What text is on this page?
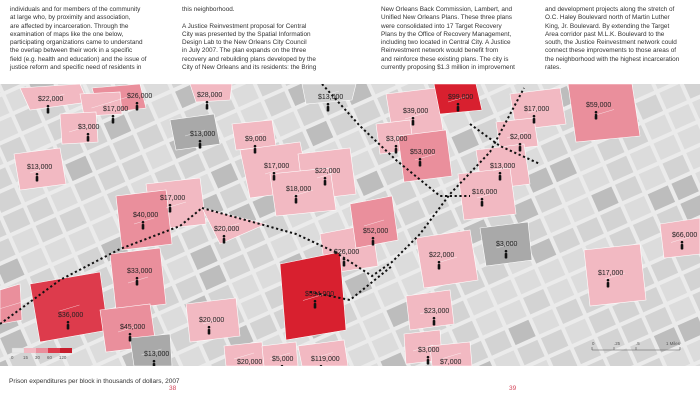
individuals and for members of the community
at large who, by proximity and association,
are affected by incarceration. Through the
examination of maps like the one below,
participating organizations came to understand
the overlap between their work in a specific
field (e.g. health and education) and the issue of
justice reform and specific need of residents in
this neighborhood.

A Justice Reinvestment proposal for Central
City was presented by the Spatial Information
Design Lab to the New Orleans City Council
in July 2007. The plan expands on the three
recovery and rebuilding plans developed by the
City of New Orleans and its residents: the Bring
New Orleans Back Commission, Lambert, and
Unified New Orleans Plans. These three plans
were consolidated into 17 Target Recovery
Plans by the Office of Recovery Management,
including two located in Central City. A Justice
Reinvestment network would benefit from
and reinforce these existing plans. The city is
currently proposing $1.3 million in improvement
and development projects along the stretch of
O.C. Haley Boulevard north of Martin Luther
King, Jr. Boulevard. By extending the Target
Area corridor past M.L.K. Boulevard to the
south, the Justice Reinvestment network could
connect these improvements to those areas of
the neighborhood with the highest incarceration
rates.
$22,000
$17,000
$26,000	$28,000
$3,000
$13,000
$9,000
$13,000
$13,000	$17,000
$22,000
$18,000
$17,000
$40,000
$20,000
$33,000
$36,000
$45,000
$20,000
$13,000
$20,000 $5,000	$119,000
$26,000
$52,000
$594,000
$39,000
$99,000
$3,000
$53,000
$22,000
$23,000
$3,000
$7,000
$17,000
$59,000
$2,000
$13,000
$16,000
$3,000
$17,000
$66,000
0 15 30 60 120
0	.25	.5	1 Miles
Prison expenditures per block in thousands of dollars, 2007
38	39
